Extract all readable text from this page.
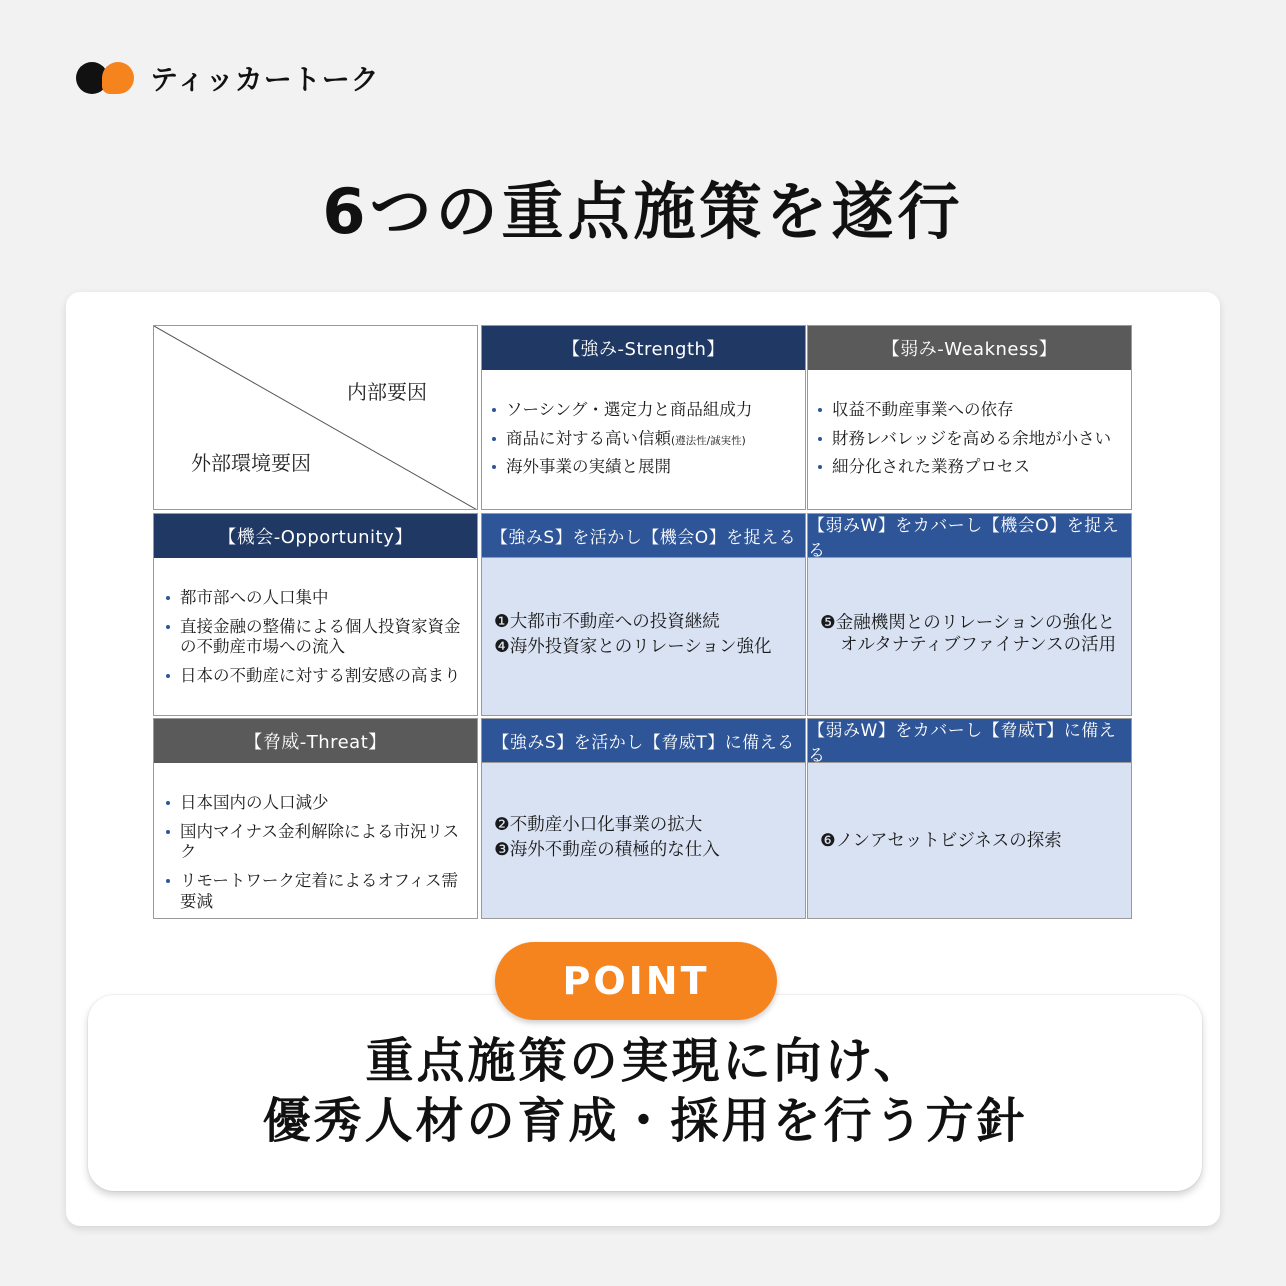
ティッカートーク
6つの重点施策を遂行
内部要因
外部環境要因
【強み-Strength】
ソーシング・選定力と商品組成力
商品に対する高い信頼(遵法性/誠実性)
海外事業の実績と展開
【弱み-Weakness】
収益不動産事業への依存
財務レバレッジを高める余地が小さい
細分化された業務プロセス
【機会-Opportunity】
都市部への人口集中
直接金融の整備による個人投資家資金の不動産市場への流入
日本の不動産に対する割安感の高まり
【強みS】を活かし【機会O】を捉える
❶大都市不動産への投資継続
❹海外投資家とのリレーション強化
【弱みW】をカバーし【機会O】を捉える
❺金融機関とのリレーションの強化と
オルタナティブファイナンスの活用
【脅威-Threat】
日本国内の人口減少
国内マイナス金利解除による市況リスク
リモートワーク定着によるオフィス需要減
【強みS】を活かし【脅威T】に備える
❷不動産小口化事業の拡大
❸海外不動産の積極的な仕入
【弱みW】をカバーし【脅威T】に備える
❻ノンアセットビジネスの探索
POINT
重点施策の実現に向け、
優秀人材の育成・採用を行う方針
